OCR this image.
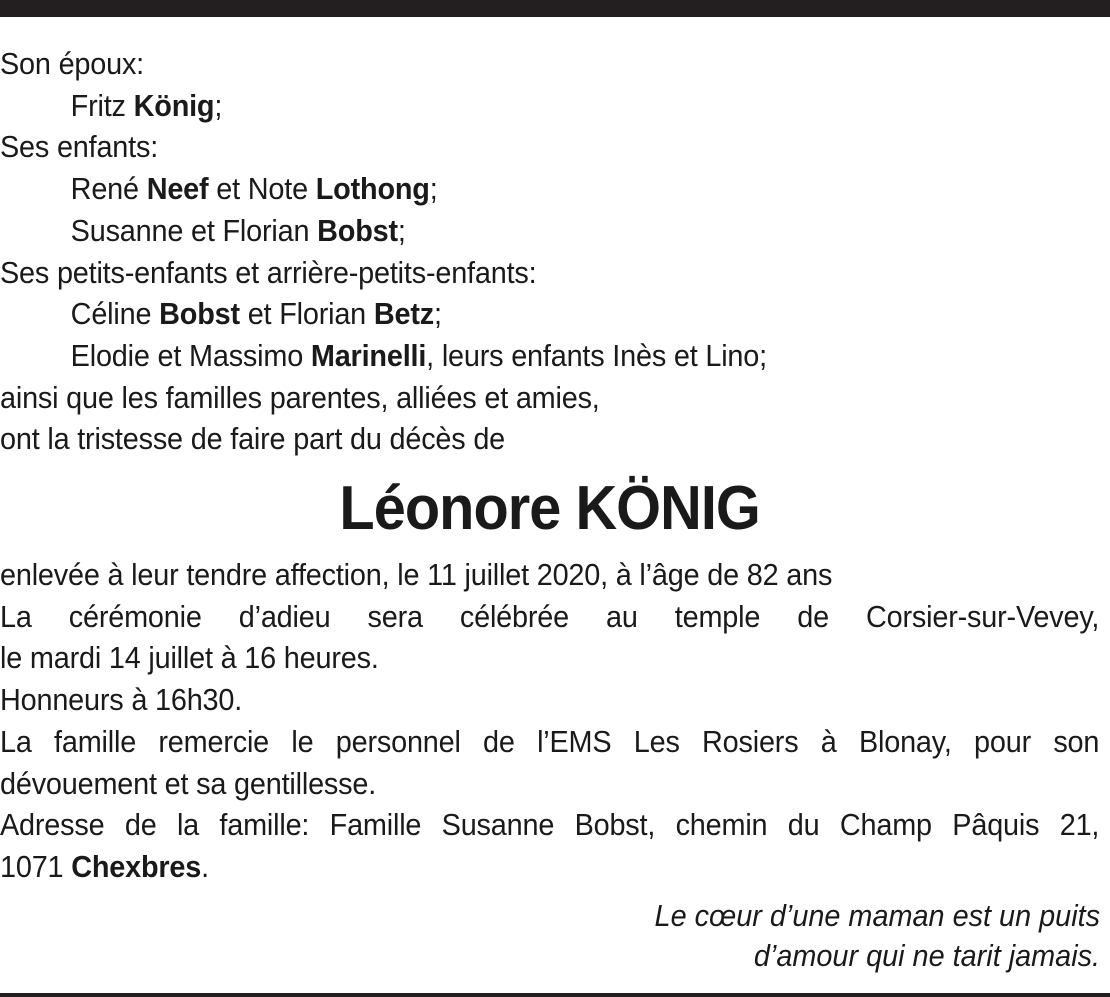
Son époux:
Fritz König;
Ses enfants:
René Neef et Note Lothong;
Susanne et Florian Bobst;
Ses petits-enfants et arrière-petits-enfants:
Céline Bobst et Florian Betz;
Elodie et Massimo Marinelli, leurs enfants Inès et Lino;
ainsi que les familles parentes, alliées et amies,
ont la tristesse de faire part du décès de
Léonore KÖNIG
enlevée à leur tendre affection, le 11 juillet 2020, à l’âge de 82 ans
La cérémonie d’adieu sera célébrée au temple de Corsier-sur-Vevey,
le mardi 14 juillet à 16 heures.
Honneurs à 16h30.
La famille remercie le personnel de l’EMS Les Rosiers à Blonay, pour son
dévouement et sa gentillesse.
Adresse de la famille: Famille Susanne Bobst, chemin du Champ Pâquis 21,
1071 Chexbres.
Le cœur d’une maman est un puits
d’amour qui ne tarit jamais.
